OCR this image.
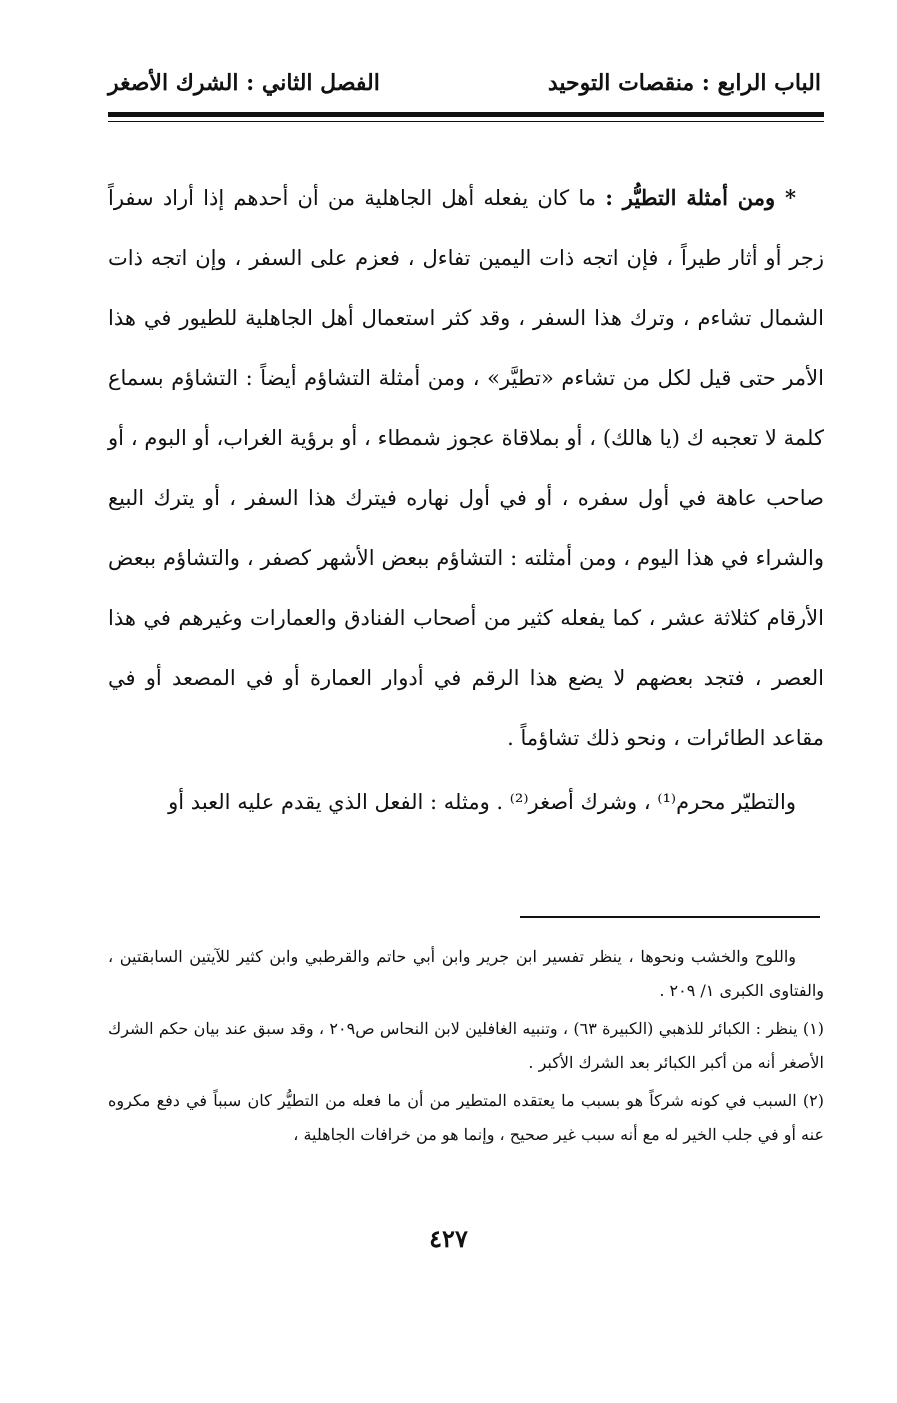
الباب الرابع : منقصات التوحيد
الفصل الثاني : الشرك الأصغر

* ومن أمثلة التطيُّر : ما كان يفعله أهل الجاهلية من أن أحدهم إذا أراد سفراً زجر أو أثار طيراً ، فإن اتجه ذات اليمين تفاءل ، فعزم على السفر ، وإن اتجه ذات الشمال تشاءم ، وترك هذا السفر ، وقد كثر استعمال أهل الجاهلية للطيور في هذا الأمر حتى قيل لكل من تشاءم «تطيَّر» ، ومن أمثلة التشاؤم أيضاً : التشاؤم بسماع كلمة لا تعجبه ك (يا هالك) ، أو بملاقاة عجوز شمطاء ، أو برؤية الغراب، أو البوم ، أو صاحب عاهة في أول سفره ، أو في أول نهاره فيترك هذا السفر ، أو يترك البيع والشراء في هذا اليوم ، ومن أمثلته : التشاؤم ببعض الأشهر كصفر ، والتشاؤم ببعض الأرقام كثلاثة عشر ، كما يفعله كثير من أصحاب الفنادق والعمارات وغيرهم في هذا العصر ، فتجد بعضهم لا يضع هذا الرقم في أدوار العمارة أو في المصعد أو في مقاعد الطائرات ، ونحو ذلك تشاؤماً .

والتطيّر محرم⁽¹⁾ ، وشرك أصغر⁽²⁾ . ومثله : الفعل الذي يقدم عليه العبد أو

واللوح والخشب ونحوها ، ينظر تفسير ابن جرير وابن أبي حاتم والقرطبي وابن كثير للآيتين السابقتين ، والفتاوى الكبرى ١/ ٢٠٩ .

(١) ينظر : الكبائر للذهبي (الكبيرة ٦٣) ، وتنبيه الغافلين لابن النحاس ص٢٠٩ ، وقد سبق عند بيان حكم الشرك الأصغر أنه من أكبر الكبائر بعد الشرك الأكبر .

(٢) السبب في كونه شركاً هو بسبب ما يعتقده المتطير من أن ما فعله من التطيُّر كان سبباً في دفع مكروه عنه أو في جلب الخير له مع أنه سبب غير صحيح ، وإنما هو من خرافات الجاهلية ،

٤٢٧
